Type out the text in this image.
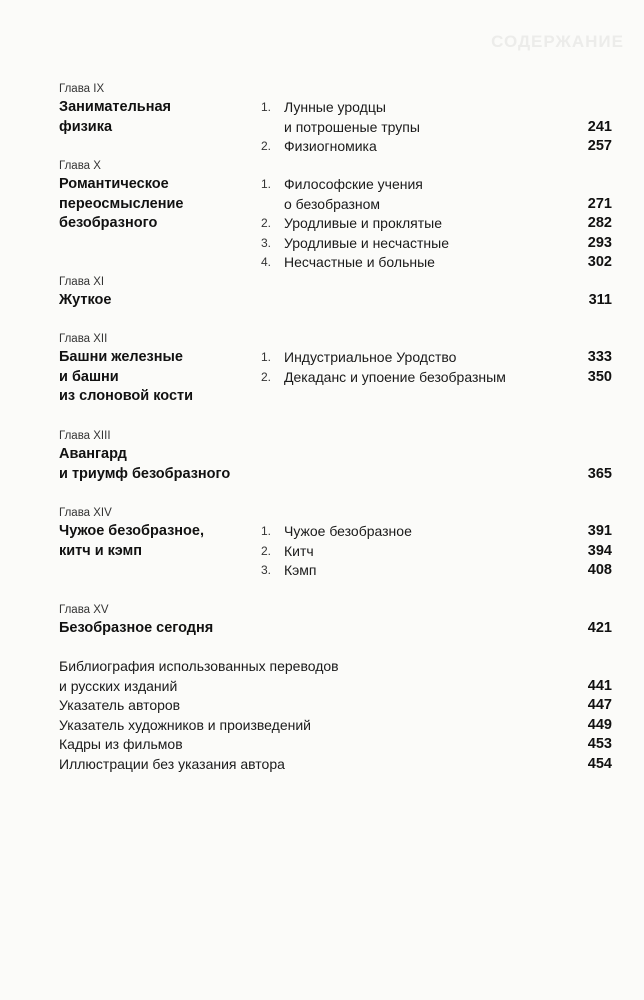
СОДЕРЖАНИЕ
Глава IX
Занимательная
физика
1. Лунные уродцы
и потрошеные трупы	241
2. Физиогномика	257
Глава X
Романтическое
переосмысление
безобразного
1. Философские учения
о безобразном	271
2. Уродливые и проклятые	282
3. Уродливые и несчастные	293
4. Несчастные и больные	302
Глава XI
Жуткое	311
Глава XII
Башни железные
и башни
из слоновой кости
1. Индустриальное Уродство	333
2. Декаданс и упоение безобразным	350
Глава XIII
Авангард
и триумф безобразного	365
Глава XIV
Чужое безобразное,
китч и кэмп
1. Чужое безобразное	391
2. Китч	394
3. Кэмп	408
Глава XV
Безобразное сегодня	421
Библиография использованных переводов
и русских изданий	441
Указатель авторов	447
Указатель художников и произведений	449
Кадры из фильмов	453
Иллюстрации без указания автора	454
